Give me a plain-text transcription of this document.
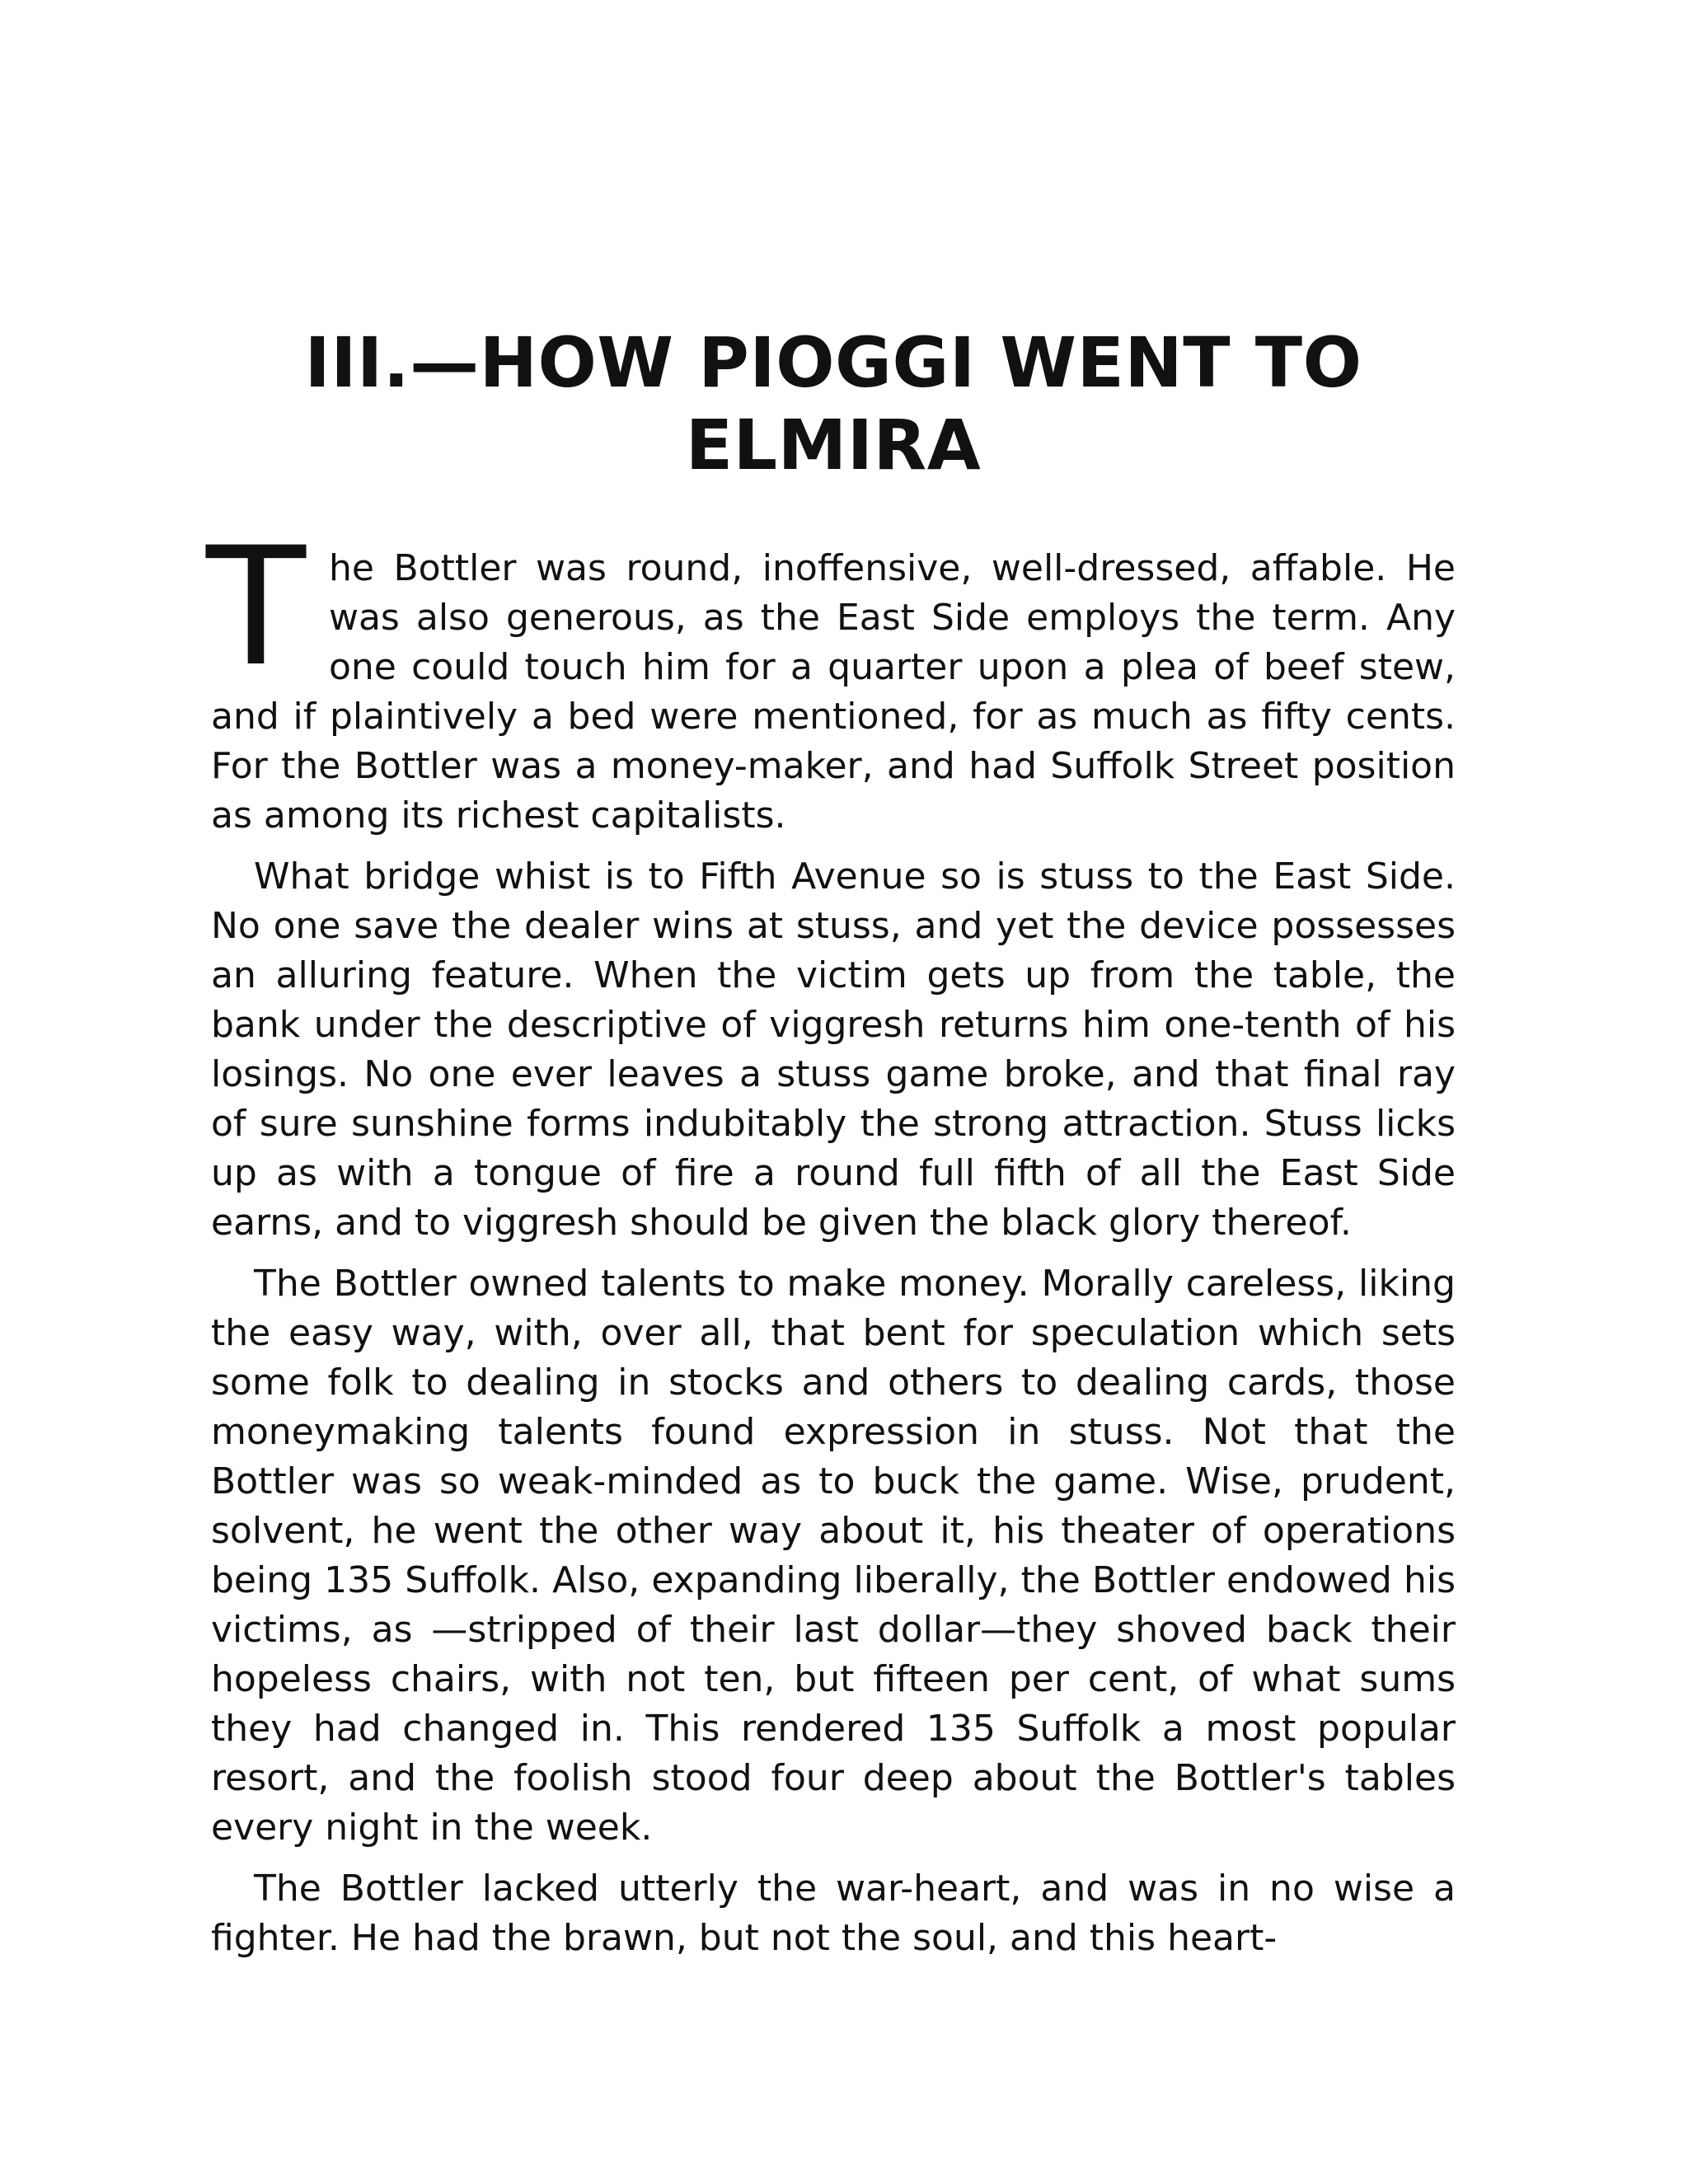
III.—HOW PIOGGI WENT TO ELMIRA

The Bottler was round, inoffensive, well-dressed, affable. He was also generous, as the East Side employs the term. Any one could touch him for a quarter upon a plea of beef stew, and if plaintively a bed were mentioned, for as much as fifty cents. For the Bottler was a money-maker, and had Suffolk Street position as among its richest capitalists.

What bridge whist is to Fifth Avenue so is stuss to the East Side. No one save the dealer wins at stuss, and yet the device possesses an alluring feature. When the victim gets up from the table, the bank under the descriptive of viggresh returns him one-tenth of his losings. No one ever leaves a stuss game broke, and that final ray of sure sunshine forms indubitably the strong attraction. Stuss licks up as with a tongue of fire a round full fifth of all the East Side earns, and to viggresh should be given the black glory thereof.

The Bottler owned talents to make money. Morally careless, liking the easy way, with, over all, that bent for speculation which sets some folk to dealing in stocks and others to dealing cards, those moneymaking talents found expression in stuss. Not that the Bottler was so weak-minded as to buck the game. Wise, prudent, solvent, he went the other way about it, his theater of operations being 135 Suffolk. Also, expanding liberally, the Bottler endowed his victims, as —stripped of their last dollar—they shoved back their hopeless chairs, with not ten, but fifteen per cent, of what sums they had changed in. This rendered 135 Suffolk a most popular resort, and the foolish stood four deep about the Bottler's tables every night in the week.

The Bottler lacked utterly the war-heart, and was in no wise a fighter. He had the brawn, but not the soul, and this heart-
